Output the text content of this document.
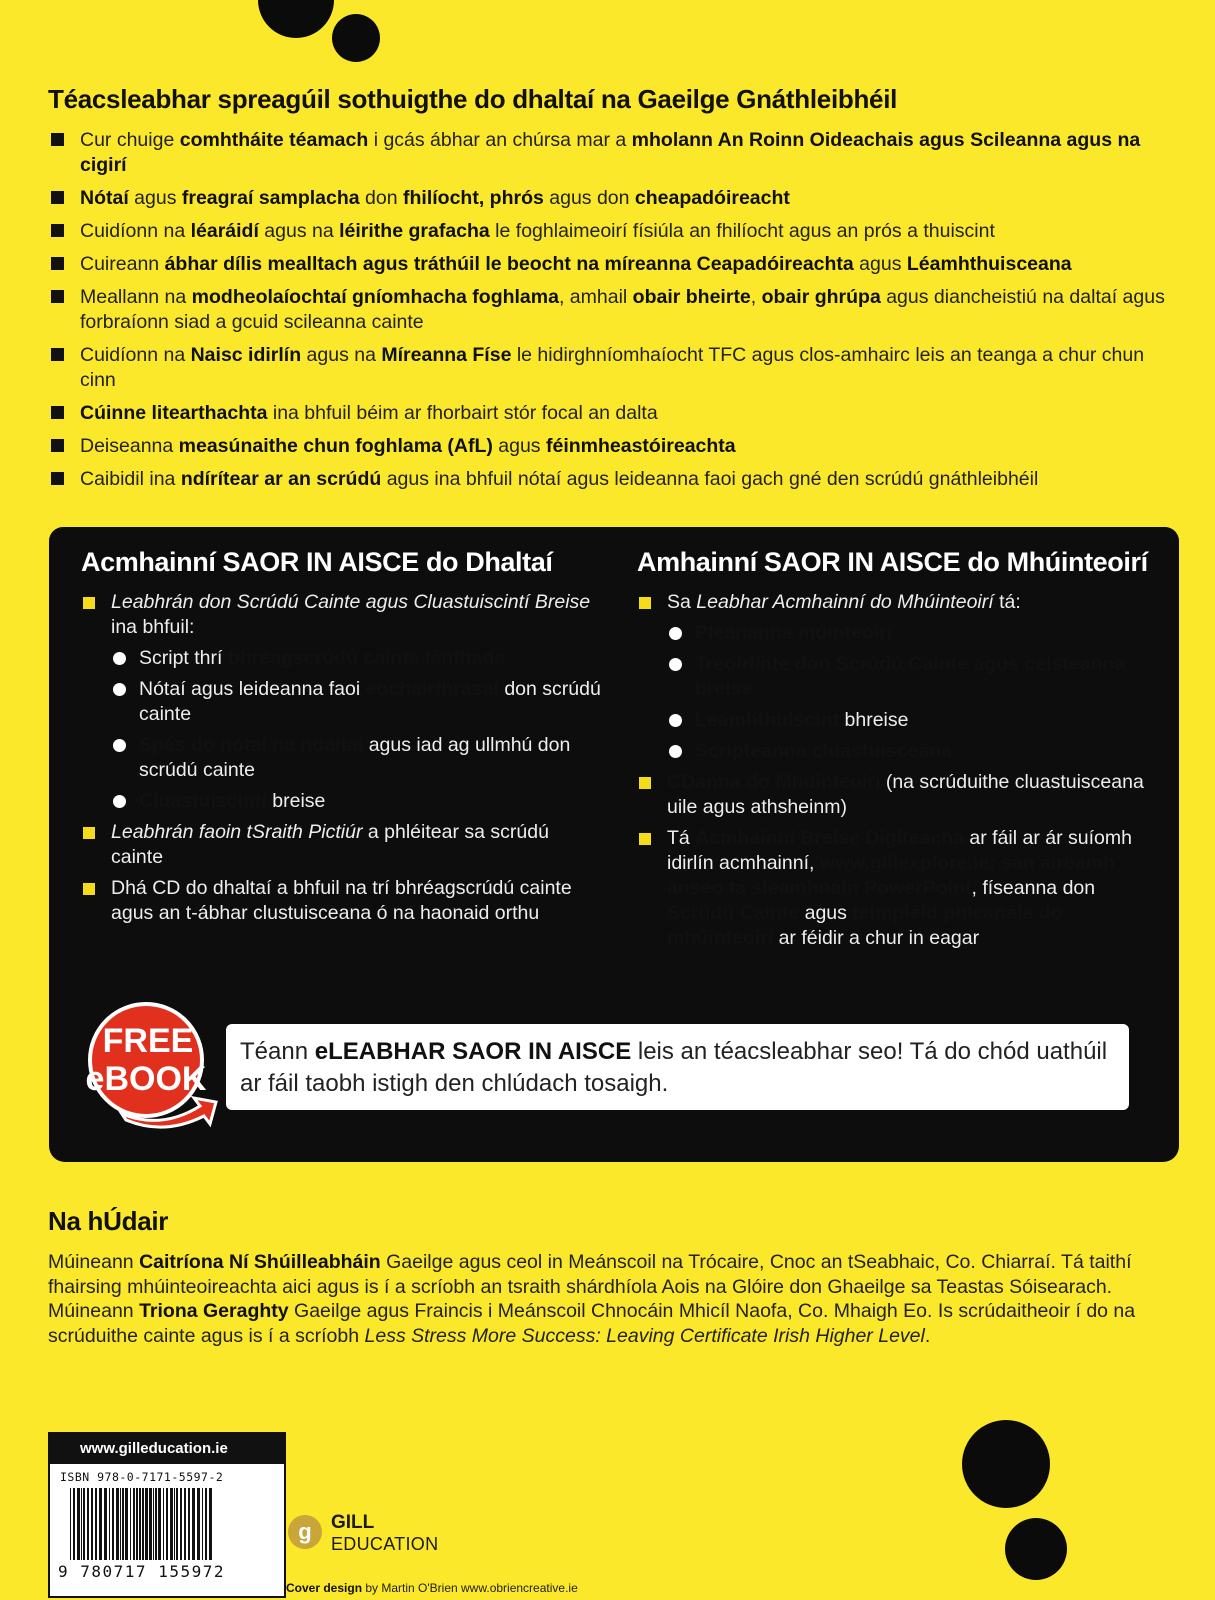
Téacsleabhar spreagúil sothuigthe do dhaltaí na Gaeilge Gnáthleibhéil
Cur chuige comhtháite téamach i gcás ábhar an chúrsa mar a mholann An Roinn Oideachais agus Scileanna agus na cigirí
Nótaí agus freagraí samplacha don fhilíocht, phrós agus don cheapadóireacht
Cuidíonn na léaráidí agus na léirithe grafacha le foghlaimeoirí físiúla an fhilíocht agus an prós a thuiscint
Cuireann ábhar dílis mealltach agus tráthúil le beocht na míreanna Ceapadóireachta agus Léamhthuisceana
Meallann na modheolaíochtaí gníomhacha foghlama, amhail obair bheirte, obair ghrúpa agus diancheistiú na daltaí agus forbraíonn siad a gcuid scileanna cainte
Cuidíonn na Naisc idirlín agus na Míreanna Físe le hidirghníomhaíocht TFC agus clos-amhairc leis an teanga a chur chun cinn
Cúinne litearthachta ina bhfuil béim ar fhorbairt stór focal an dalta
Deiseanna measúnaithe chun foghlama (AfL) agus féinmheastóireachta
Caibidil ina ndírítear ar an scrúdú agus ina bhfuil nótaí agus leideanna faoi gach gné den scrúdú gnáthleibhéil
Acmhainní SAOR IN AISCE do Dhaltaí
Leabhrán don Scrúdú Cainte agus Cluastuiscintí Breise ina bhfuil:
Script thrí bhréagscrúdú cainte lánfhada
Nótaí agus leideanna faoi eochairfhrásaí don scrúdú cainte
Spás do nótaí na ndaltaí agus iad ag ullmhú don scrúdú cainte
Cluastuiscintí breise
Leabhrán faoin tSraith Pictiúr a phléitear sa scrúdú cainte
Dhá CD do dhaltaí a bhfuil na trí bhréagscrúdú cainte agus an t-ábhar clustuisceana ó na haonaid orthu
Amhainní SAOR IN AISCE do Mhúinteoirí
Sa Leabhar Acmhainní do Mhúinteoirí tá:
Pleananna múinteoirí
Treoirlínte don Scrúdú Cainte agus ceisteanna breise
Léamhthuiscint bhreise
Scripteanna cluastuisceana
CDanna do Mhúinteoirí (na scrúduithe cluastuisceana uile agus athsheinm)
Tá Acmhainní Breise Digiteacha ar fáil ar ár suíomh idirlín acmhainní, www.gillexplore.ie; san áireamh anseo tá sleamhnáin PowerPoint, físeanna don Scrúdú Cainte agus teimpléid phleanála do mhúinteoirí ar féidir a chur in eagar
Téann eLEABHAR SAOR IN AISCE leis an téacsleabhar seo! Tá do chód uathúil ar fáil taobh istigh den chlúdach tosaigh.
FREE
eBOOK
Na hÚdair

Múineann Caitríona Ní Shúilleabháin Gaeilge agus ceol in Meánscoil na Trócaire, Cnoc an tSeabhaic, Co. Chiarraí. Tá taithí fhairsing mhúinteoireachta aici agus is í a scríobh an tsraith shárdhíola Aois na Glóire don Ghaeilge sa Teastas Sóisearach. Múineann Triona Geraghty Gaeilge agus Fraincis i Meánscoil Chnocáin Mhicíl Naofa, Co. Mhaigh Eo. Is scrúdaitheoir í do na scrúduithe cainte agus is í a scríobh Less Stress More Success: Leaving Certificate Irish Higher Level.

www.gilleducation.ie
ISBN 978-0-7171-5597-2
9 780717 155972
g GILL
EDUCATION
Cover design by Martin O'Brien www.obriencreative.ie
